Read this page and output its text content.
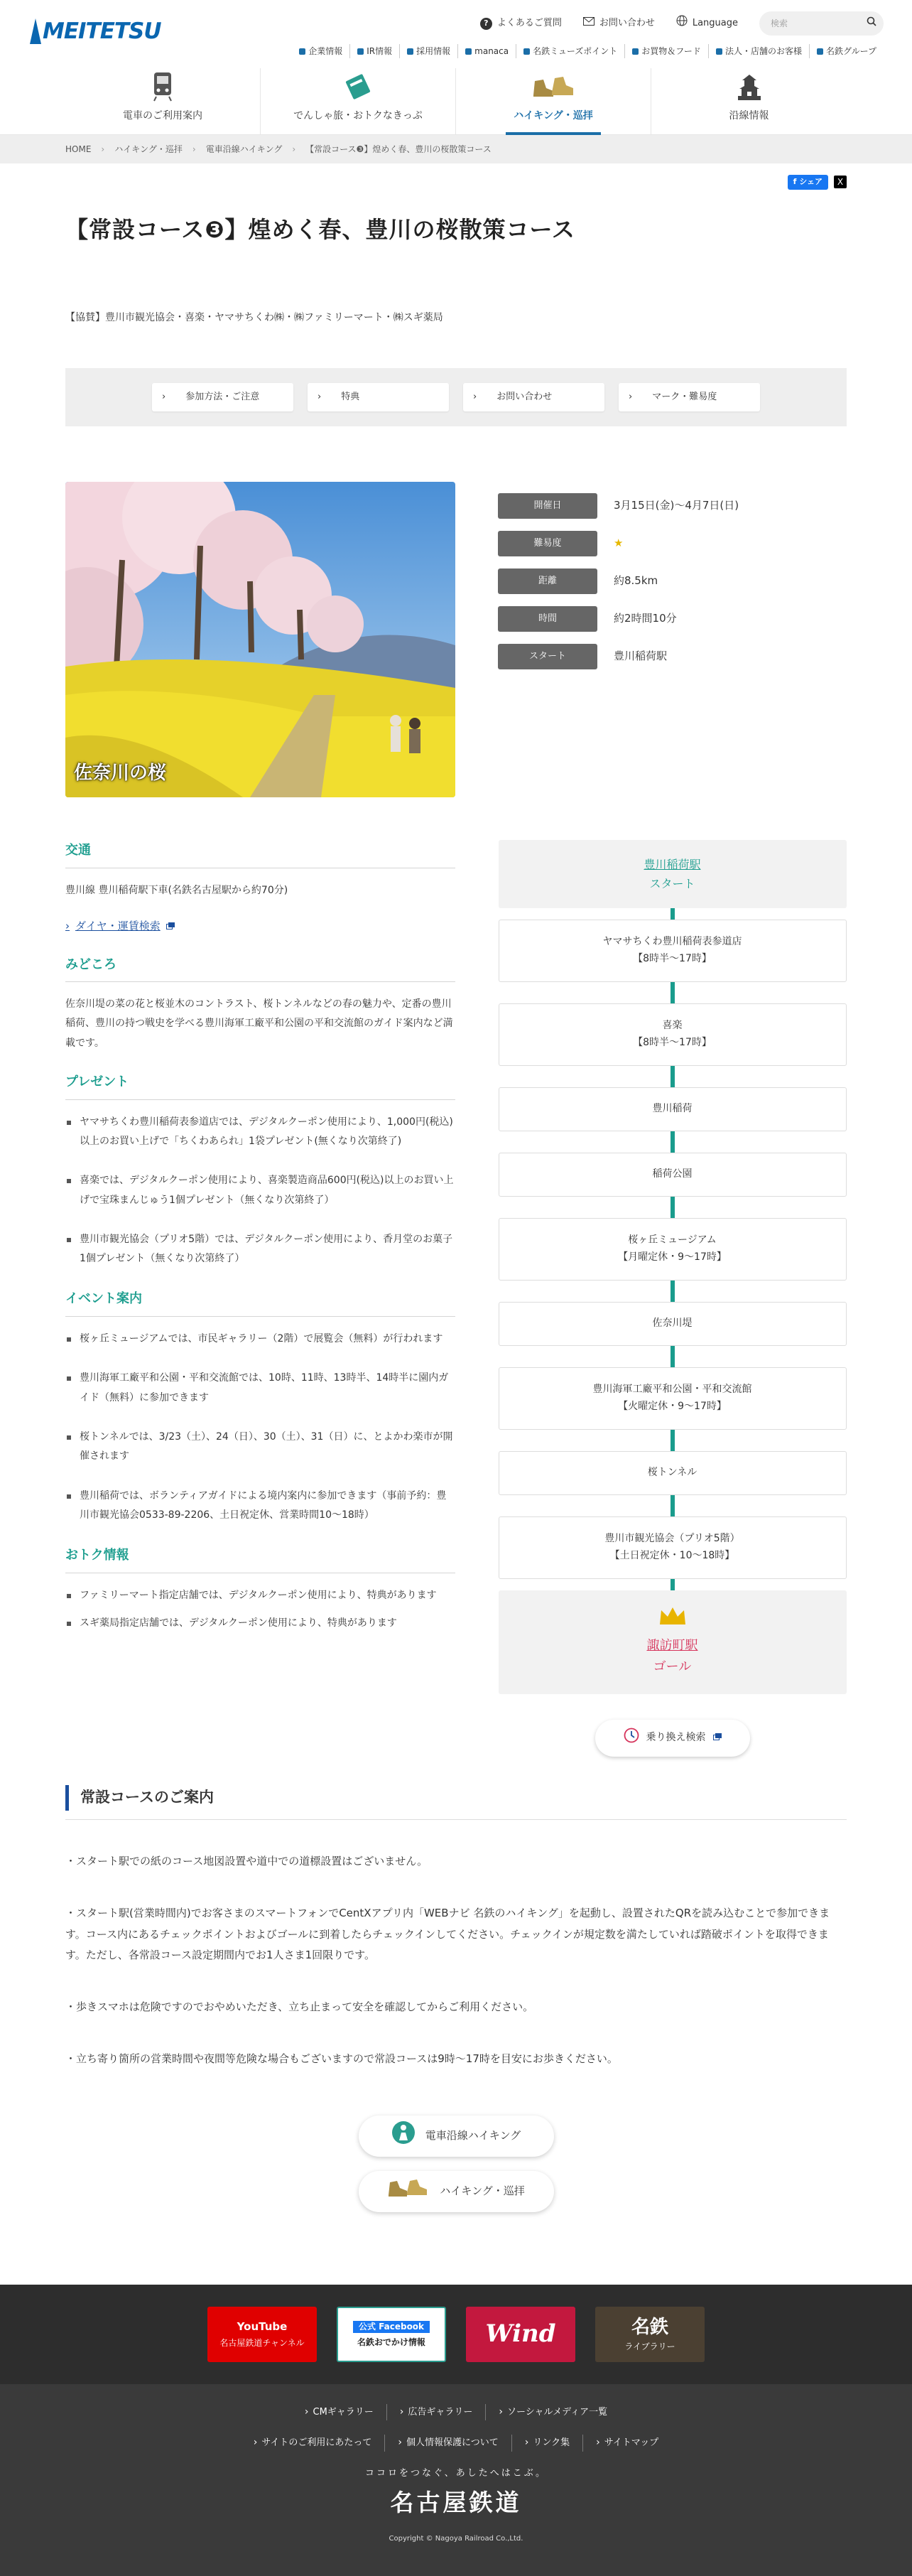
MEITETSU	? よくあるご質問	お問い合わせ	Language	検索
企業情報	IR情報	採用情報	manaca	名鉄ミューズポイント	お買物＆フード	法人・店舗のお客様	名鉄グループ
電車のご利用案内	でんしゃ旅・おトクなきっぷ	ハイキング・巡拝	沿線情報
HOME › ハイキング・巡拝 › 電車沿線ハイキング › 【常設コース❸】煌めく春、豊川の桜散策コース
f シェア	X
【常設コース❸】煌めく春、豊川の桜散策コース

【協賛】豊川市観光協会・喜楽・ヤマサちくわ㈱・㈱ファミリーマート・㈱スギ薬局

› 参加方法・ご注意	› 特典	› お問い合わせ	› マーク・難易度
佐奈川の桜
開催日	3月15日(金)～4月7日(日)
難易度	★
距離	約8.5km
時間	約2時間10分
スタート	豊川稲荷駅
交通

豊川線 豊川稲荷駅下車(名鉄名古屋駅から約70分)

› ダイヤ・運賃検索
みどころ

佐奈川堤の菜の花と桜並木のコントラスト、桜トンネルなどの春の魅力や、定番の豊川稲荷、豊川の持つ戦史を学べる豊川海軍工廠平和公園の平和交流館のガイド案内など満載です。

プレゼント
ヤマサちくわ豊川稲荷表参道店では、デジタルクーポン使用により、1,000円(税込)以上のお買い上げで「ちくわあられ」1袋プレゼント(無くなり次第終了)
喜楽では、デジタルクーポン使用により、喜楽製造商品600円(税込)以上のお買い上げで宝珠まんじゅう1個プレゼント（無くなり次第終了）
豊川市観光協会（プリオ5階）では、デジタルクーポン使用により、香月堂のお菓子1個プレゼント（無くなり次第終了）
イベント案内
桜ヶ丘ミュージアムでは、市民ギャラリー（2階）で展覧会（無料）が行われます
豊川海軍工廠平和公園・平和交流館では、10時、11時、13時半、14時半に園内ガイド（無料）に参加できます
桜トンネルでは、3/23（土）、24（日）、30（土）、31（日）に、とよかわ楽市が開催されます
豊川稲荷では、ボランティアガイドによる境内案内に参加できます（事前予約：豊川市観光協会0533‐89‐2206、土日祝定休、営業時間10～18時）
おトク情報
ファミリーマート指定店舗では、デジタルクーポン使用により、特典があります
スギ薬局指定店舗では、デジタルクーポン使用により、特典があります
豊川稲荷駅
スタート
ヤマサちくわ豊川稲荷表参道店
【8時半～17時】
喜楽
【8時半～17時】
豊川稲荷
稲荷公園
桜ヶ丘ミュージアム
【月曜定休・9～17時】
佐奈川堤
豊川海軍工廠平和公園・平和交流館
【火曜定休・9～17時】
桜トンネル
豊川市観光協会（プリオ5階）
【土日祝定休・10～18時】
諏訪町駅
ゴール
乗り換え検索
常設コースのご案内

・スタート駅での紙のコース地図設置や道中での道標設置はございません。

・スタート駅(営業時間内)でお客さまのスマートフォンでCentXアプリ内「WEBナビ 名鉄のハイキング」を起動し、設置されたQRを読み込むことで参加できます。コース内にあるチェックポイントおよびゴールに到着したらチェックインしてください。チェックインが規定数を満たしていれば踏破ポイントを取得できます。ただし、各常設コース設定期間内でお1人さま1回限りです。

・歩きスマホは危険ですのでおやめいただき、立ち止まって安全を確認してからご利用ください。

・立ち寄り箇所の営業時間や夜間等危険な場合もございますので常設コースは9時～17時を目安にお歩きください。

電車沿線ハイキング
ハイキング・巡拝
YouTube
名古屋鉄道チャンネル
公式 Facebook
名鉄おでかけ情報 Wind	名鉄
ライブラリー
› CMギャラリー	› 広告ギャラリー	› ソーシャルメディア一覧
› サイトのご利用にあたって	› 個人情報保護について	› リンク集	› サイトマップ
ココロをつなぐ、あしたへはこぶ。
名古屋鉄道
Copyright © Nagoya Railroad Co.,Ltd.
